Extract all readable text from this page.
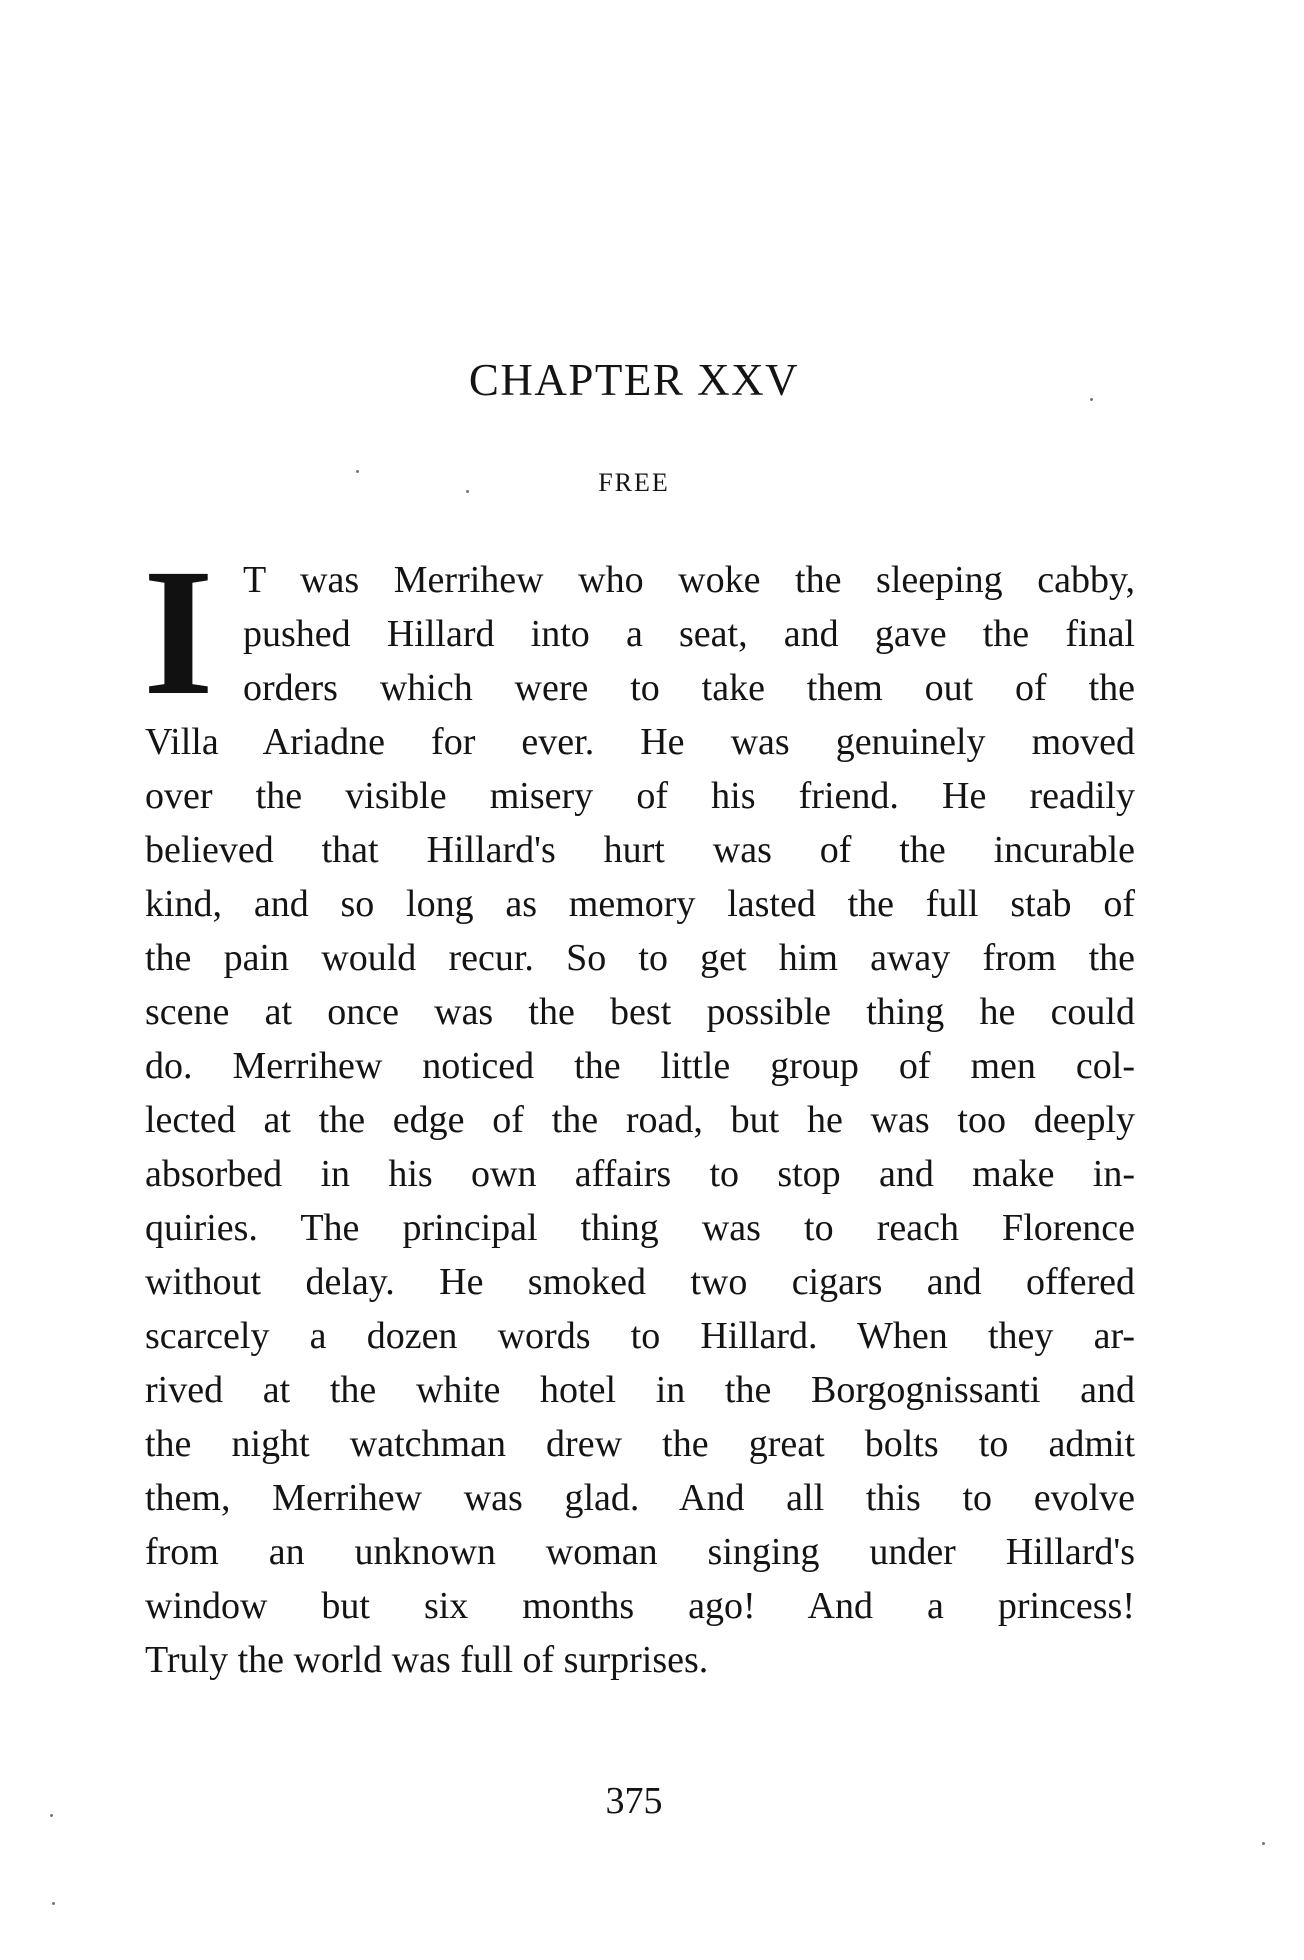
CHAPTER XXV
FREE
I T was Merrihew who woke the sleeping cabby,
pushed Hillard into a seat, and gave the final
orders which were to take them out of the
Villa Ariadne for ever. He was genuinely moved
over the visible misery of his friend. He readily
believed that Hillard's hurt was of the incurable
kind, and so long as memory lasted the full stab of
the pain would recur. So to get him away from the
scene at once was the best possible thing he could
do. Merrihew noticed the little group of men col-
lected at the edge of the road, but he was too deeply
absorbed in his own affairs to stop and make in-
quiries. The principal thing was to reach Florence
without delay. He smoked two cigars and offered
scarcely a dozen words to Hillard. When they ar-
rived at the white hotel in the Borgognissanti and
the night watchman drew the great bolts to admit
them, Merrihew was glad. And all this to evolve
from an unknown woman singing under Hillard's
window but six months ago! And a princess!
Truly the world was full of surprises.
375
